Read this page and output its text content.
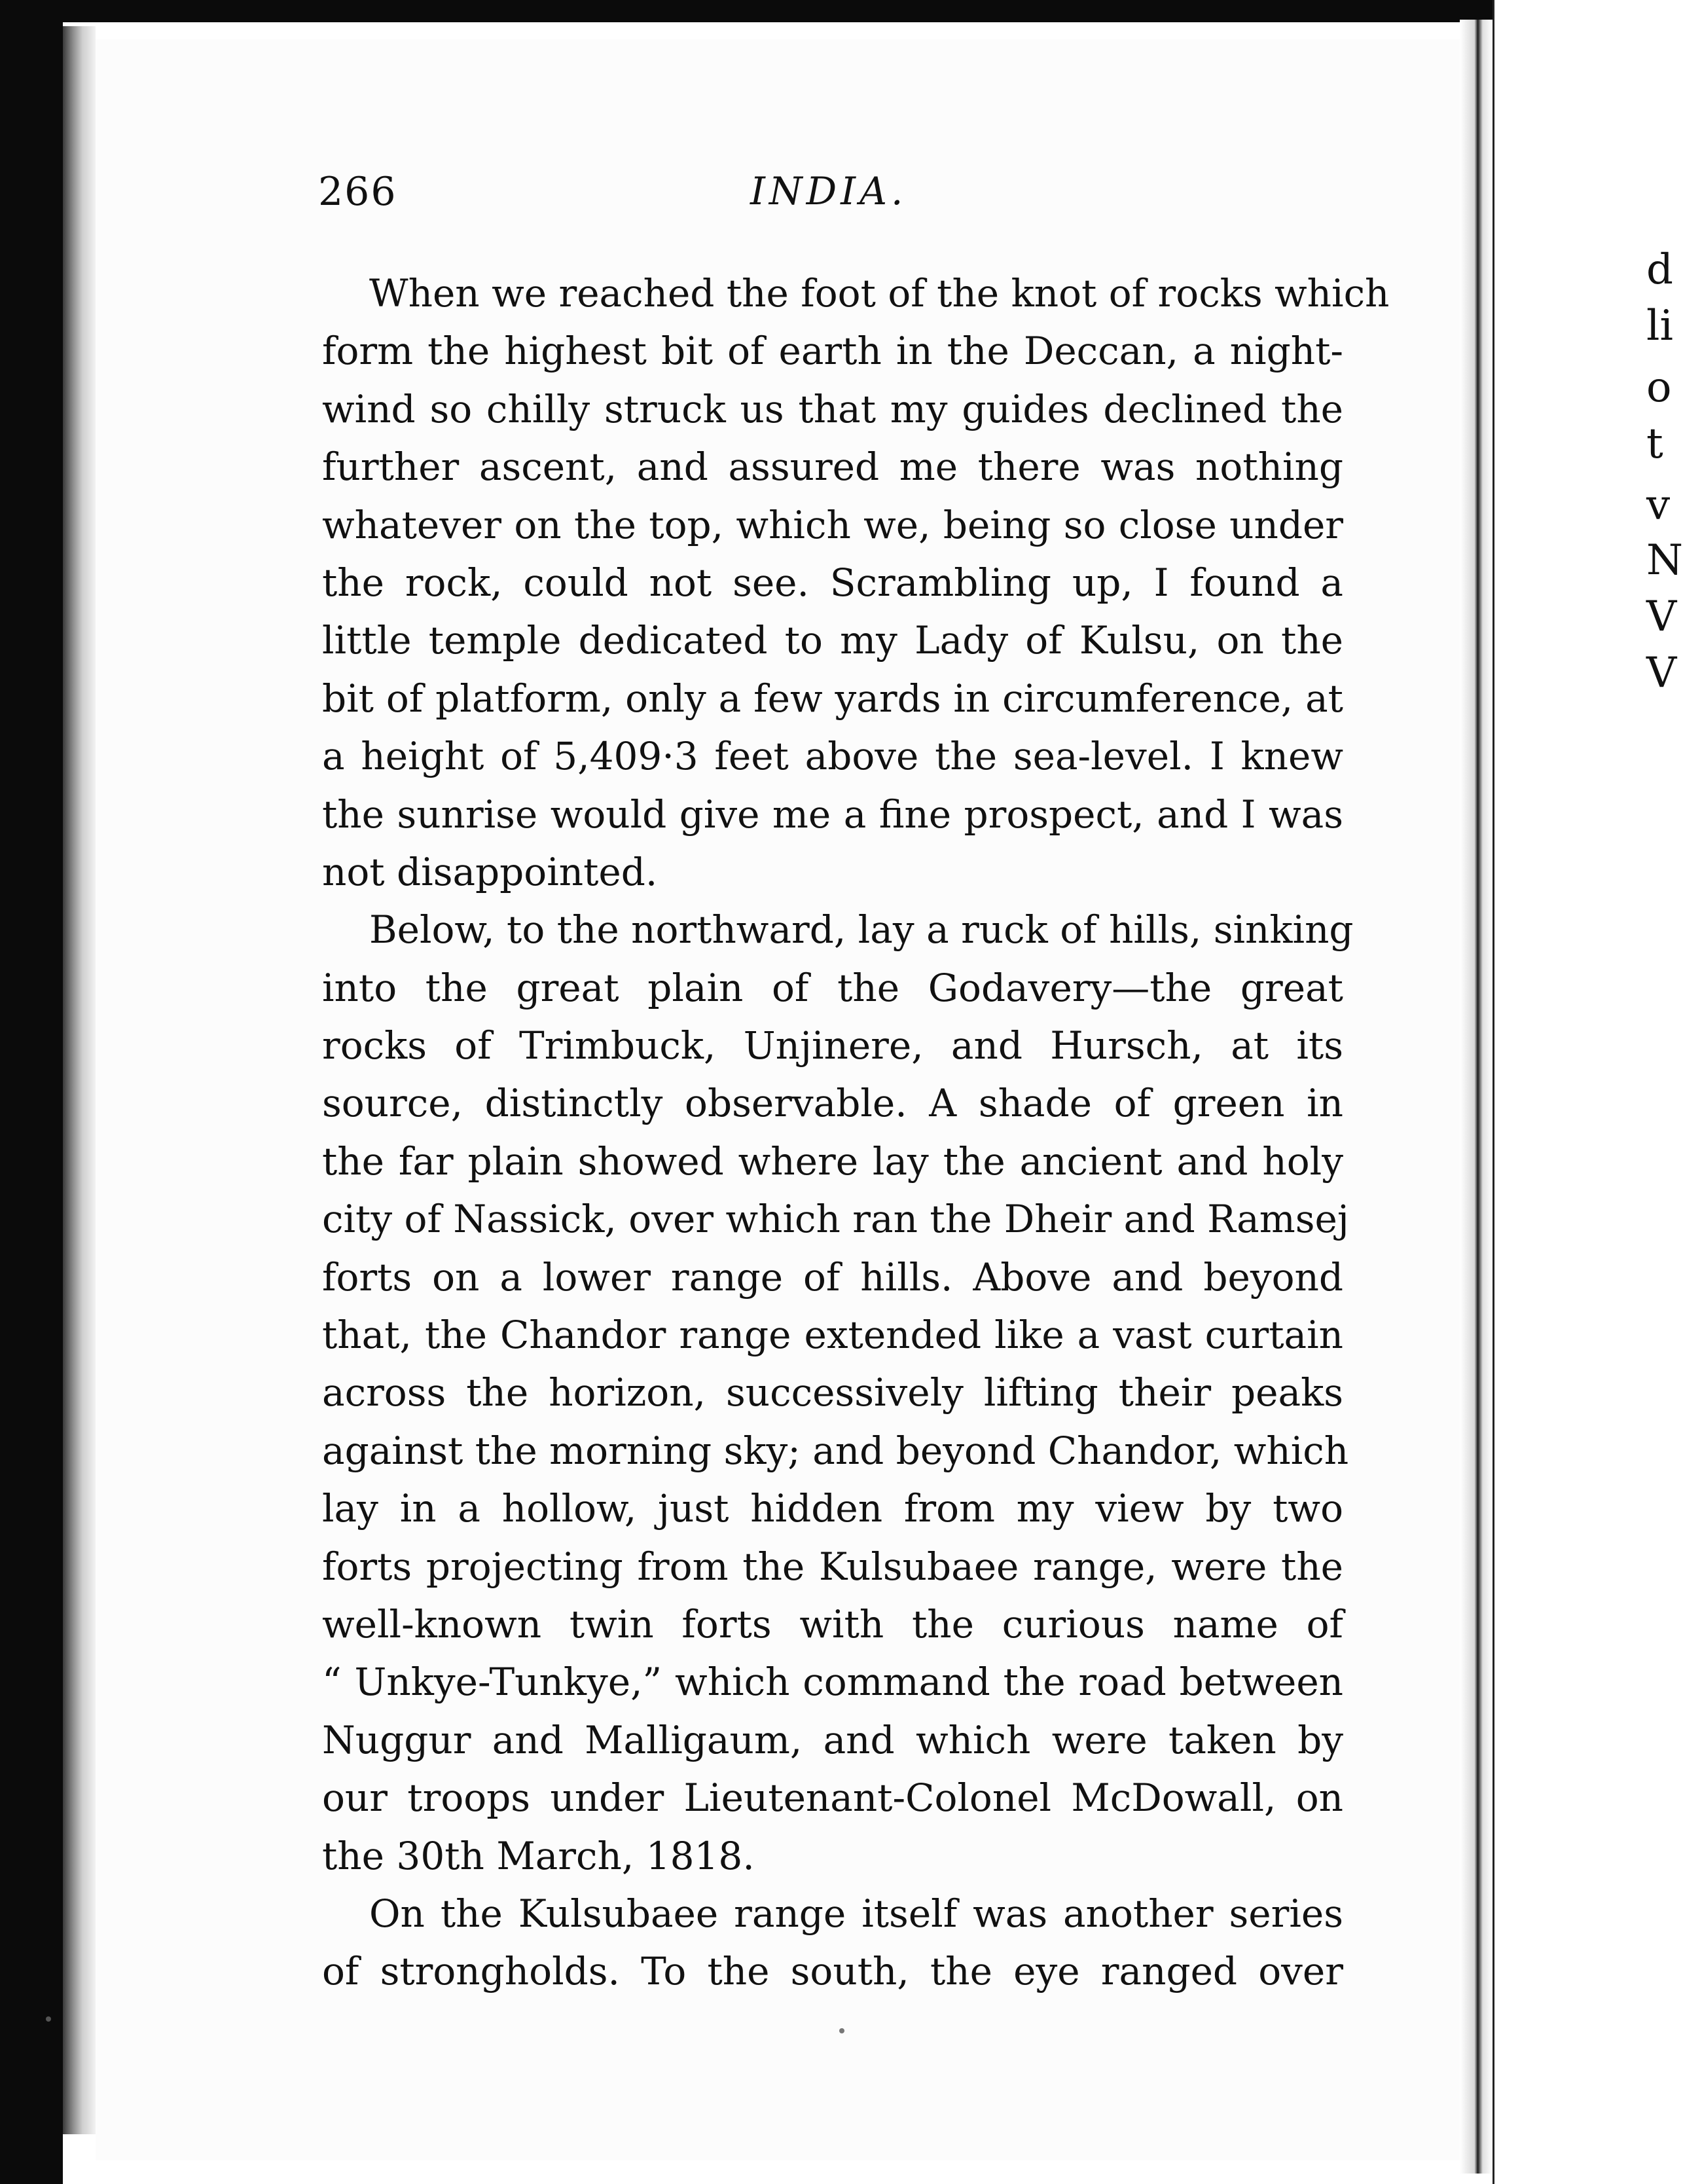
d
li
o
t
v
N
V
V
266	INDIA.
When we reached the foot of the knot of rocks which
form the highest bit of earth in the Deccan, a night-
wind so chilly struck us that my guides declined the
further ascent, and assured me there was nothing
whatever on the top, which we, being so close under
the rock, could not see. Scrambling up, I found a
little temple dedicated to my Lady of Kulsu, on the
bit of platform, only a few yards in circumference, at
a height of 5,409·3 feet above the sea-level. I knew
the sunrise would give me a fine prospect, and I was
not disappointed.
Below, to the northward, lay a ruck of hills, sinking
into the great plain of the Godavery—the great
rocks of Trimbuck, Unjinere, and Hursch, at its
source, distinctly observable. A shade of green in
the far plain showed where lay the ancient and holy
city of Nassick, over which ran the Dheir and Ramsej
forts on a lower range of hills. Above and beyond
that, the Chandor range extended like a vast curtain
across the horizon, successively lifting their peaks
against the morning sky; and beyond Chandor, which
lay in a hollow, just hidden from my view by two
forts projecting from the Kulsubaee range, were the
well-known twin forts with the curious name of
“ Unkye-Tunkye,” which command the road between
Nuggur and Malligaum, and which were taken by
our troops under Lieutenant-Colonel McDowall, on
the 30th March, 1818.
On the Kulsubaee range itself was another series
of strongholds. To the south, the eye ranged over
